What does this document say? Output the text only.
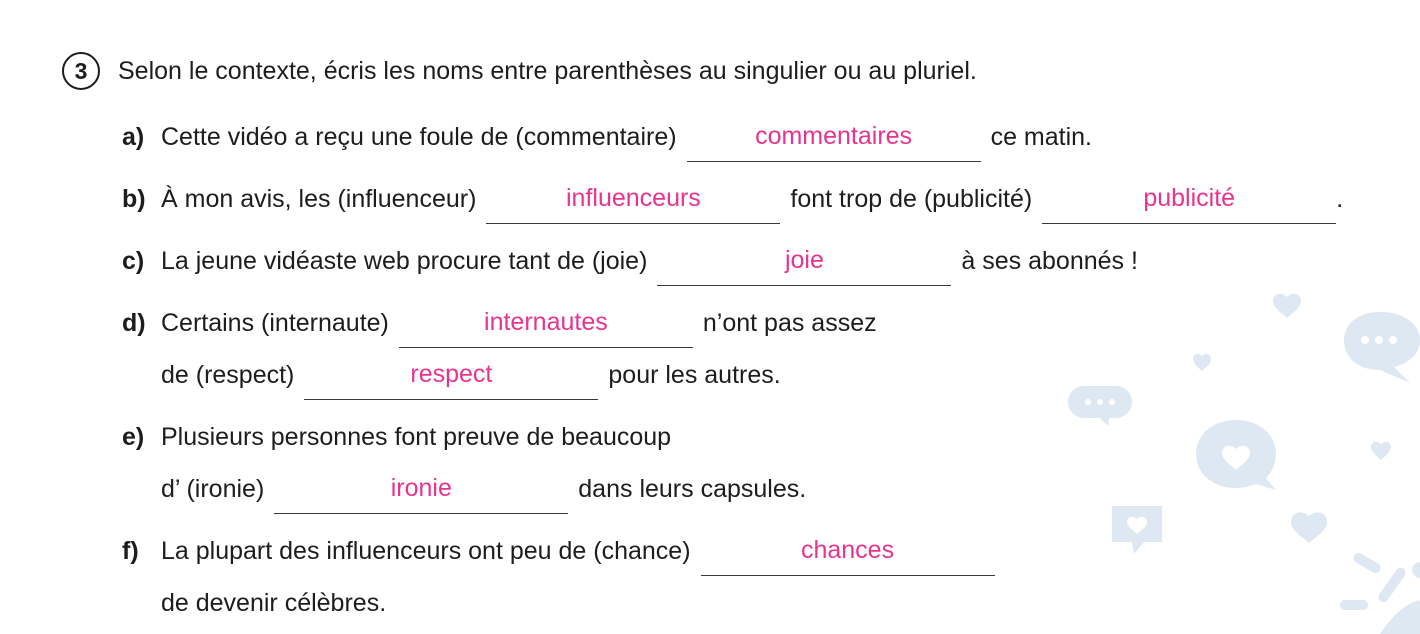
3	Selon le contexte, écris les noms entre parenthèses au singulier ou au pluriel.
a) Cette vidéo a reçu une foule de (commentaire)	commentaires	ce matin.
b) À mon avis, les (influenceur)	influenceurs	font trop de (publicité)	publicité	.
c) La jeune vidéaste web procure tant de (joie)	joie	à ses abonnés !
d) Certains (internaute)	internautes	n’ont pas assez
de (respect)	respect	pour les autres.
e) Plusieurs personnes font preuve de beaucoup
d’ (ironie)	ironie	dans leurs capsules.
f) La plupart des influenceurs ont peu de (chance)	chances
de devenir célèbres.
